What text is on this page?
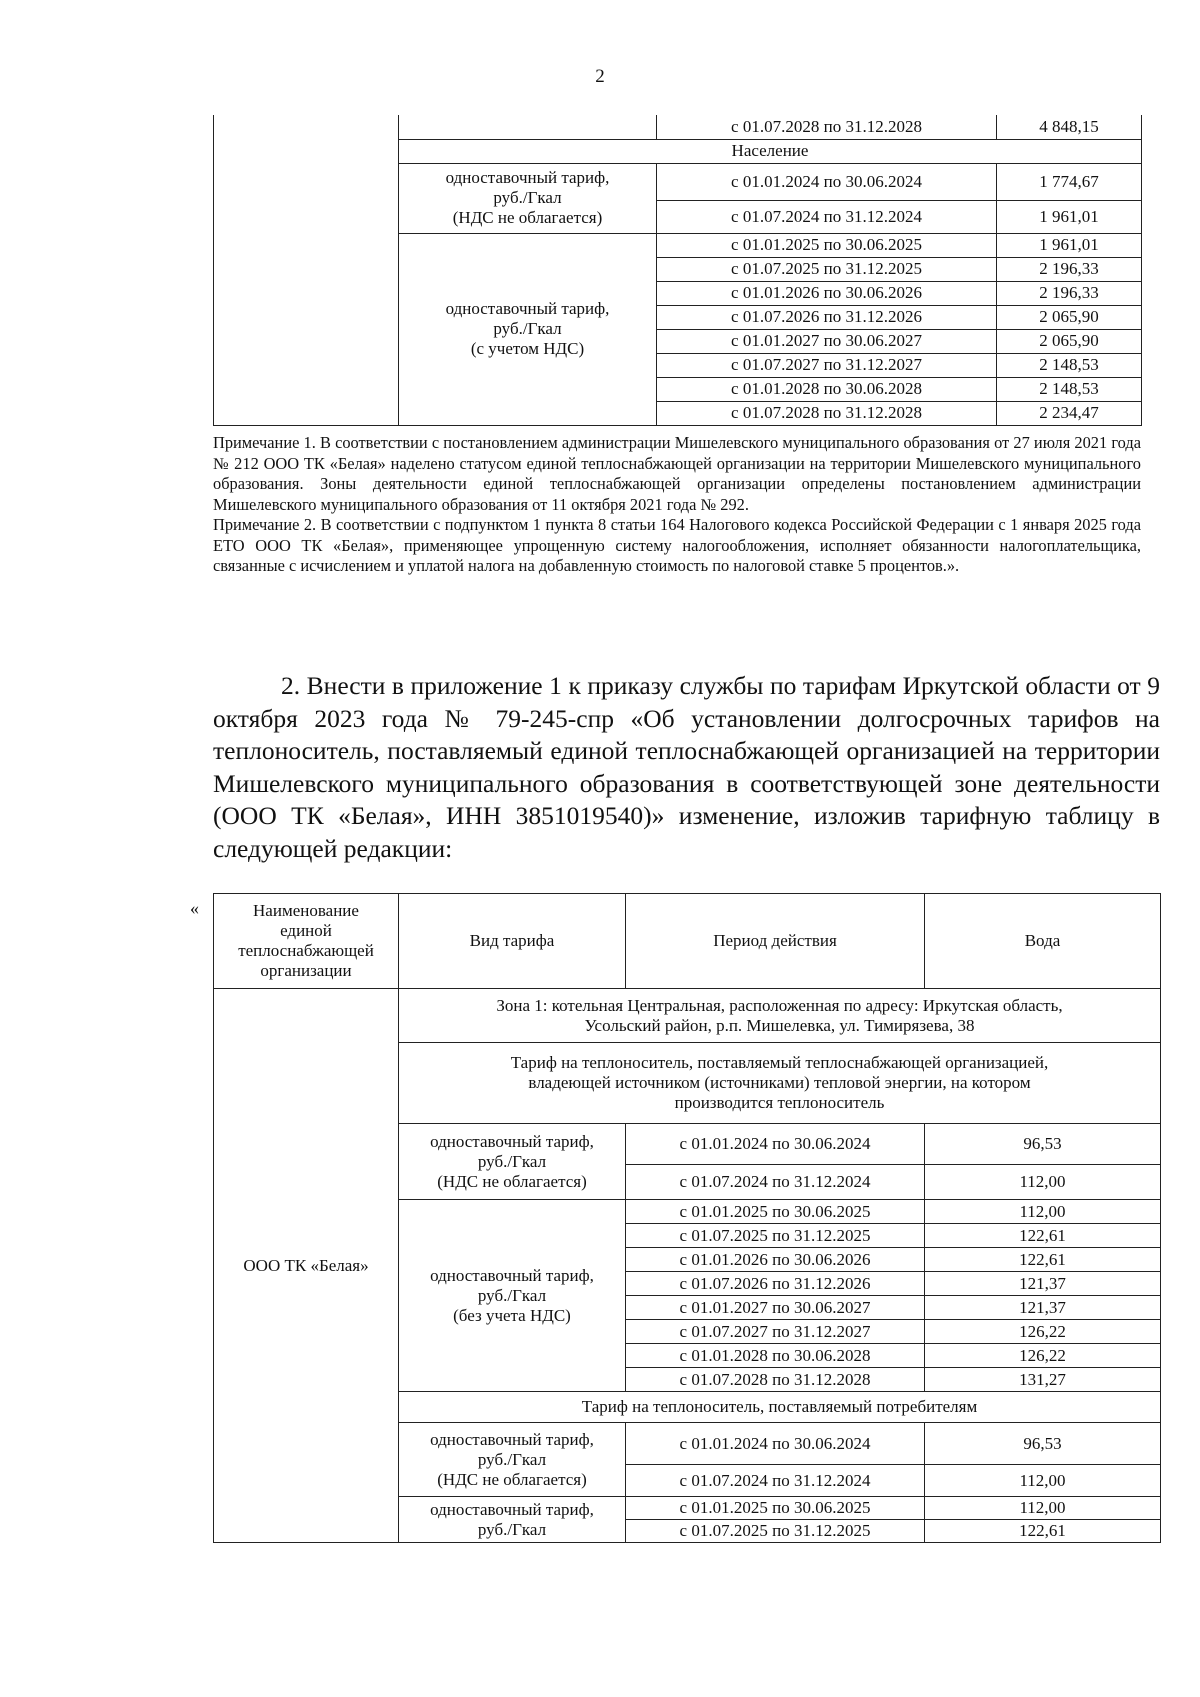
2
		с 01.07.2028 по 31.12.2028	4 848,15
	Население		

	одноставочный тариф,
руб./Гкал
(НДС не облагается)	с 01.01.2024 по 30.06.2024	1 774,67
		с 01.07.2024 по 31.12.2024	1 961,01

	одноставочный тариф,
руб./Гкал
(с учетом НДС)	с 01.01.2025 по 30.06.2025	1 961,01
		с 01.07.2025 по 31.12.2025	2 196,33
		с 01.01.2026 по 30.06.2026	2 196,33
		с 01.07.2026 по 31.12.2026	2 065,90
		с 01.01.2027 по 30.06.2027	2 065,90
		с 01.07.2027 по 31.12.2027	2 148,53
		с 01.01.2028 по 30.06.2028	2 148,53
		с 01.07.2028 по 31.12.2028	2 234,47

Примечание 1. В соответствии с постановлением администрации Мишелевского муниципального образования от 27 июля 2021 года № 212 ООО ТК «Белая» наделено статусом единой теплоснабжающей организации на территории Мишелевского муниципального образования. Зоны деятельности единой теплоснабжающей организации определены постановлением администрации Мишелевского муниципального образования от 11 октября 2021 года № 292.

Примечание 2. В соответствии с подпунктом 1 пункта 8 статьи 164 Налогового кодекса Российской Федерации с 1 января 2025 года ЕТО ООО ТК «Белая», применяющее упрощенную систему налогообложения, исполняет обязанности налогоплательщика, связанные с исчислением и уплатой налога на добавленную стоимость по налоговой ставке 5 процентов.».

2. Внести в приложение 1 к приказу службы по тарифам Иркутской области от 9 октября 2023 года № 79-245-спр «Об установлении долгосрочных тарифов на теплоноситель, поставляемый единой теплоснабжающей организацией на территории Мишелевского муниципального образования в соответствующей зоне деятельности (ООО ТК «Белая», ИНН 3851019540)» изменение, изложив тарифную таблицу в следующей редакции:
«	Наименование
единой
теплоснабжающей
организации	Вид тарифа	Период действия	Вода
ООО ТК «Белая»	Зона 1: котельная Центральная, расположенная по адресу: Иркутская область,
Усольский район, р.п. Мишелевка, ул. Тимирязева, 38		

	Тариф на теплоноситель, поставляемый теплоснабжающей организацией,
владеющей источником (источниками) тепловой энергии, на котором
производится теплоноситель		

	одноставочный тариф,
руб./Гкал
(НДС не облагается)	с 01.01.2024 по 30.06.2024	96,53
		с 01.07.2024 по 31.12.2024	112,00

	одноставочный тариф,
руб./Гкал
(без учета НДС)	с 01.01.2025 по 30.06.2025	112,00
		с 01.07.2025 по 31.12.2025	122,61
		с 01.01.2026 по 30.06.2026	122,61
		с 01.07.2026 по 31.12.2026	121,37
		с 01.01.2027 по 30.06.2027	121,37
		с 01.07.2027 по 31.12.2027	126,22
		с 01.01.2028 по 30.06.2028	126,22
		с 01.07.2028 по 31.12.2028	131,27
	Тариф на теплоноситель, поставляемый потребителям		

	одноставочный тариф,
руб./Гкал
(НДС не облагается)	с 01.01.2024 по 30.06.2024	96,53
		с 01.07.2024 по 31.12.2024	112,00

	одноставочный тариф,
руб./Гкал	с 01.01.2025 по 30.06.2025	112,00
		с 01.07.2025 по 31.12.2025	122,61
